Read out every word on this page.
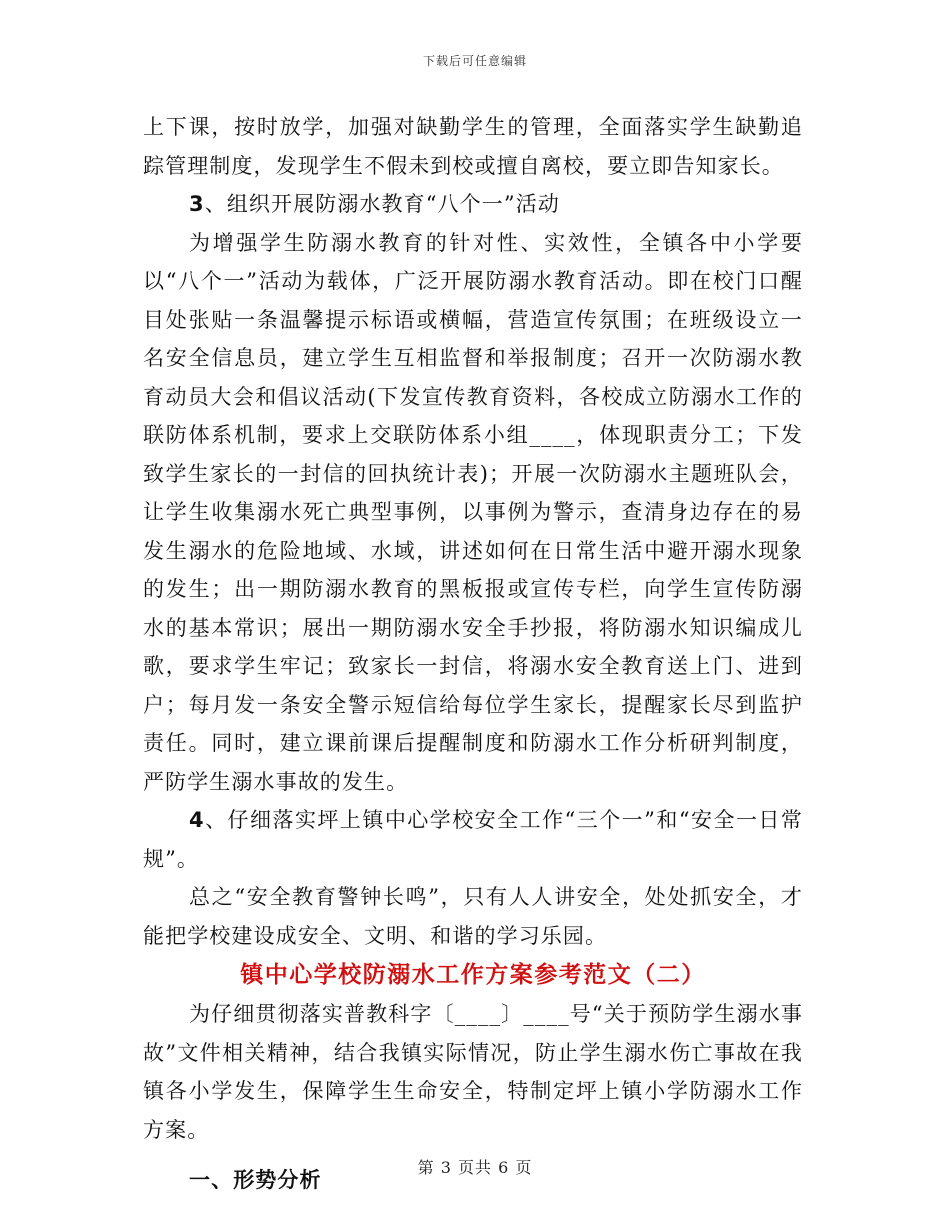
下载后可任意编辑

上下课，按时放学，加强对缺勤学生的管理，全面落实学生缺勤追踪管理制度，发现学生不假未到校或擅自离校，要立即告知家长。

3、组织开展防溺水教育“八个一”活动

为增强学生防溺水教育的针对性、实效性，全镇各中小学要以“八个一”活动为载体，广泛开展防溺水教育活动。即在校门口醒目处张贴一条温馨提示标语或横幅，营造宣传氛围；在班级设立一名安全信息员，建立学生互相监督和举报制度；召开一次防溺水教育动员大会和倡议活动(下发宣传教育资料，各校成立防溺水工作的联防体系机制，要求上交联防体系小组____，体现职责分工；下发致学生家长的一封信的回执统计表)；开展一次防溺水主题班队会，让学生收集溺水死亡典型事例，以事例为警示，查清身边存在的易发生溺水的危险地域、水域，讲述如何在日常生活中避开溺水现象的发生；出一期防溺水教育的黑板报或宣传专栏，向学生宣传防溺水的基本常识；展出一期防溺水安全手抄报，将防溺水知识编成儿歌，要求学生牢记；致家长一封信，将溺水安全教育送上门、进到户；每月发一条安全警示短信给每位学生家长，提醒家长尽到监护责任。同时，建立课前课后提醒制度和防溺水工作分析研判制度，严防学生溺水事故的发生。

4、仔细落实坪上镇中心学校安全工作“三个一”和“安全一日常规”。

总之“安全教育警钟长鸣”，只有人人讲安全，处处抓安全，才能把学校建设成安全、文明、和谐的学习乐园。

镇中心学校防溺水工作方案参考范文（二）

为仔细贯彻落实普教科字〔____〕____号“关于预防学生溺水事故”文件相关精神，结合我镇实际情况，防止学生溺水伤亡事故在我镇各小学发生，保障学生生命安全，特制定坪上镇小学防溺水工作方案。

一、形势分析	第 3 页共 6 页
